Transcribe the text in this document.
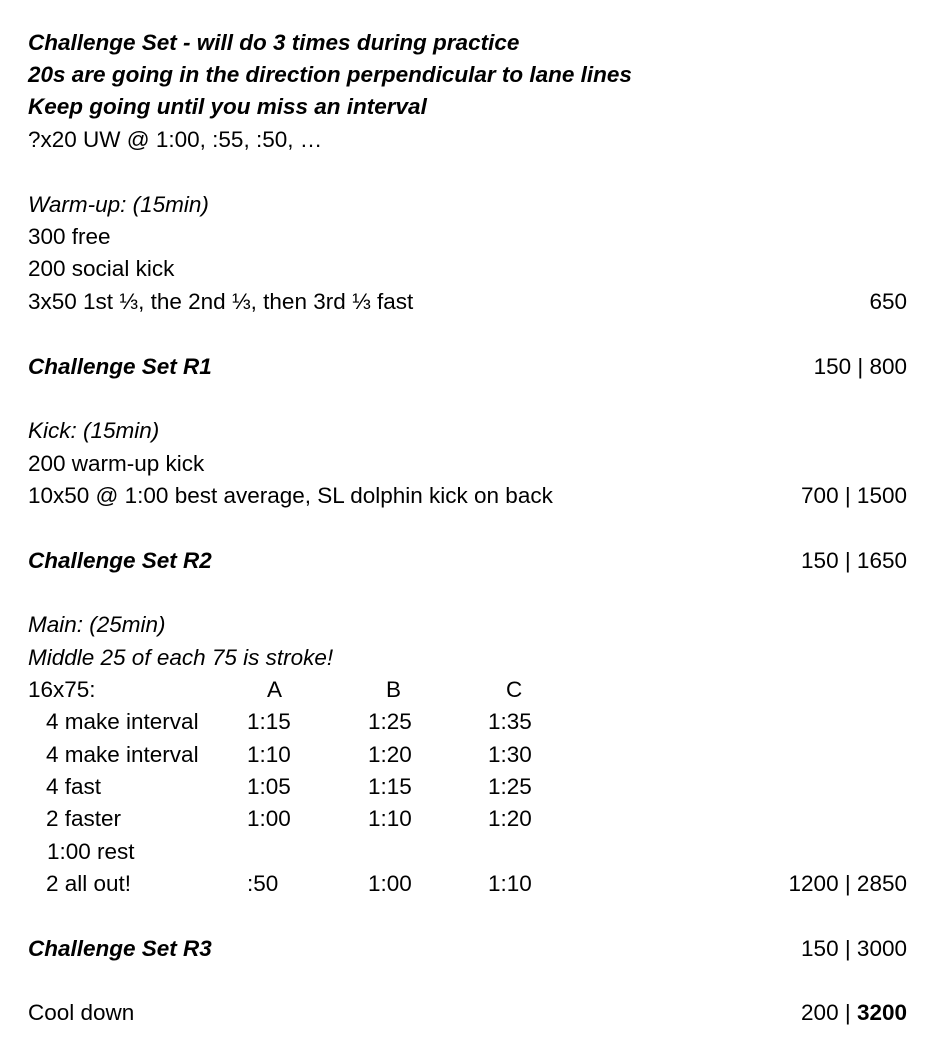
Challenge Set - will do 3 times during practice
20s are going in the direction perpendicular to lane lines
Keep going until you miss an interval
?x20 UW @ 1:00, :55, :50, …
Warm-up: (15min)
300 free
200 social kick
3x50 1st ⅓, the 2nd ⅓, then 3rd ⅓ fast	650
Challenge Set R1	150 | 800
Kick: (15min)
200 warm-up kick
10x50 @ 1:00 best average, SL dolphin kick on back	700 | 1500
Challenge Set R2	150 | 1650
Main: (25min)
Middle 25 of each 75 is stroke!
16x75:	A	B	C
4 make interval 1:15	1:25	1:35
4 make interval 1:10	1:20	1:30
4 fast	1:05	1:15	1:25
2 faster	1:00	1:10	1:20
1:00 rest
2 all out!	:50	1:00	1:10	1200 | 2850
Challenge Set R3	150 | 3000
Cool down	200 | 3200
